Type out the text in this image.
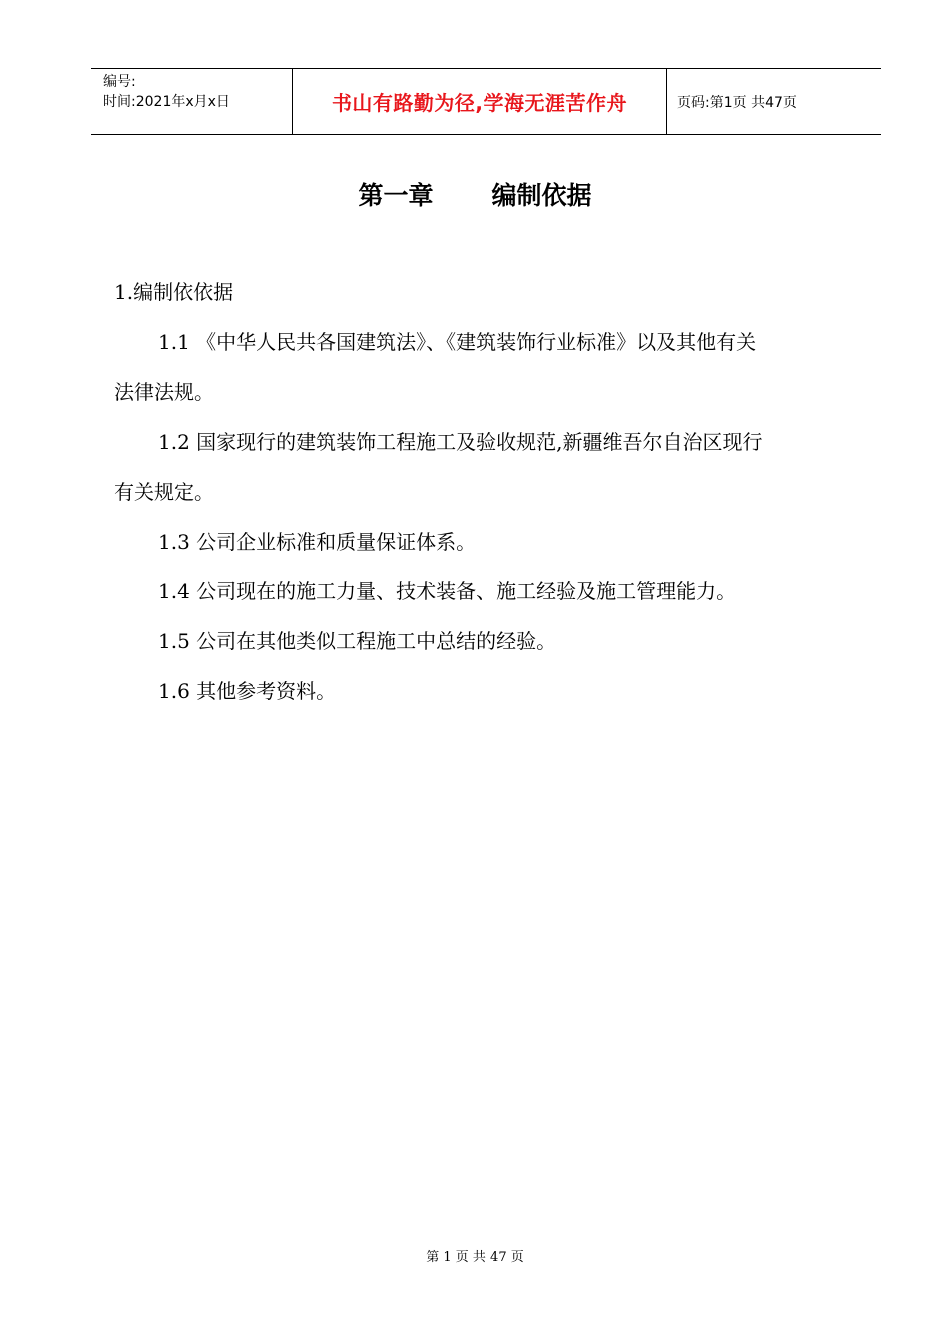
编号:
时间:2021年x月x日	书山有路勤为径,学海无涯苦作舟	页码:第1页 共47页
第一章 编制依据
1.编制依依据
1.1 《中华人民共各国建筑法》、《建筑装饰行业标准》以及其他有关
法律法规。
1.2 国家现行的建筑装饰工程施工及验收规范,新疆维吾尔自治区现行
有关规定。
1.3 公司企业标准和质量保证体系。
1.4 公司现在的施工力量、技术装备、施工经验及施工管理能力。
1.5 公司在其他类似工程施工中总结的经验。
1.6 其他参考资料。
第 1 页 共 47 页
